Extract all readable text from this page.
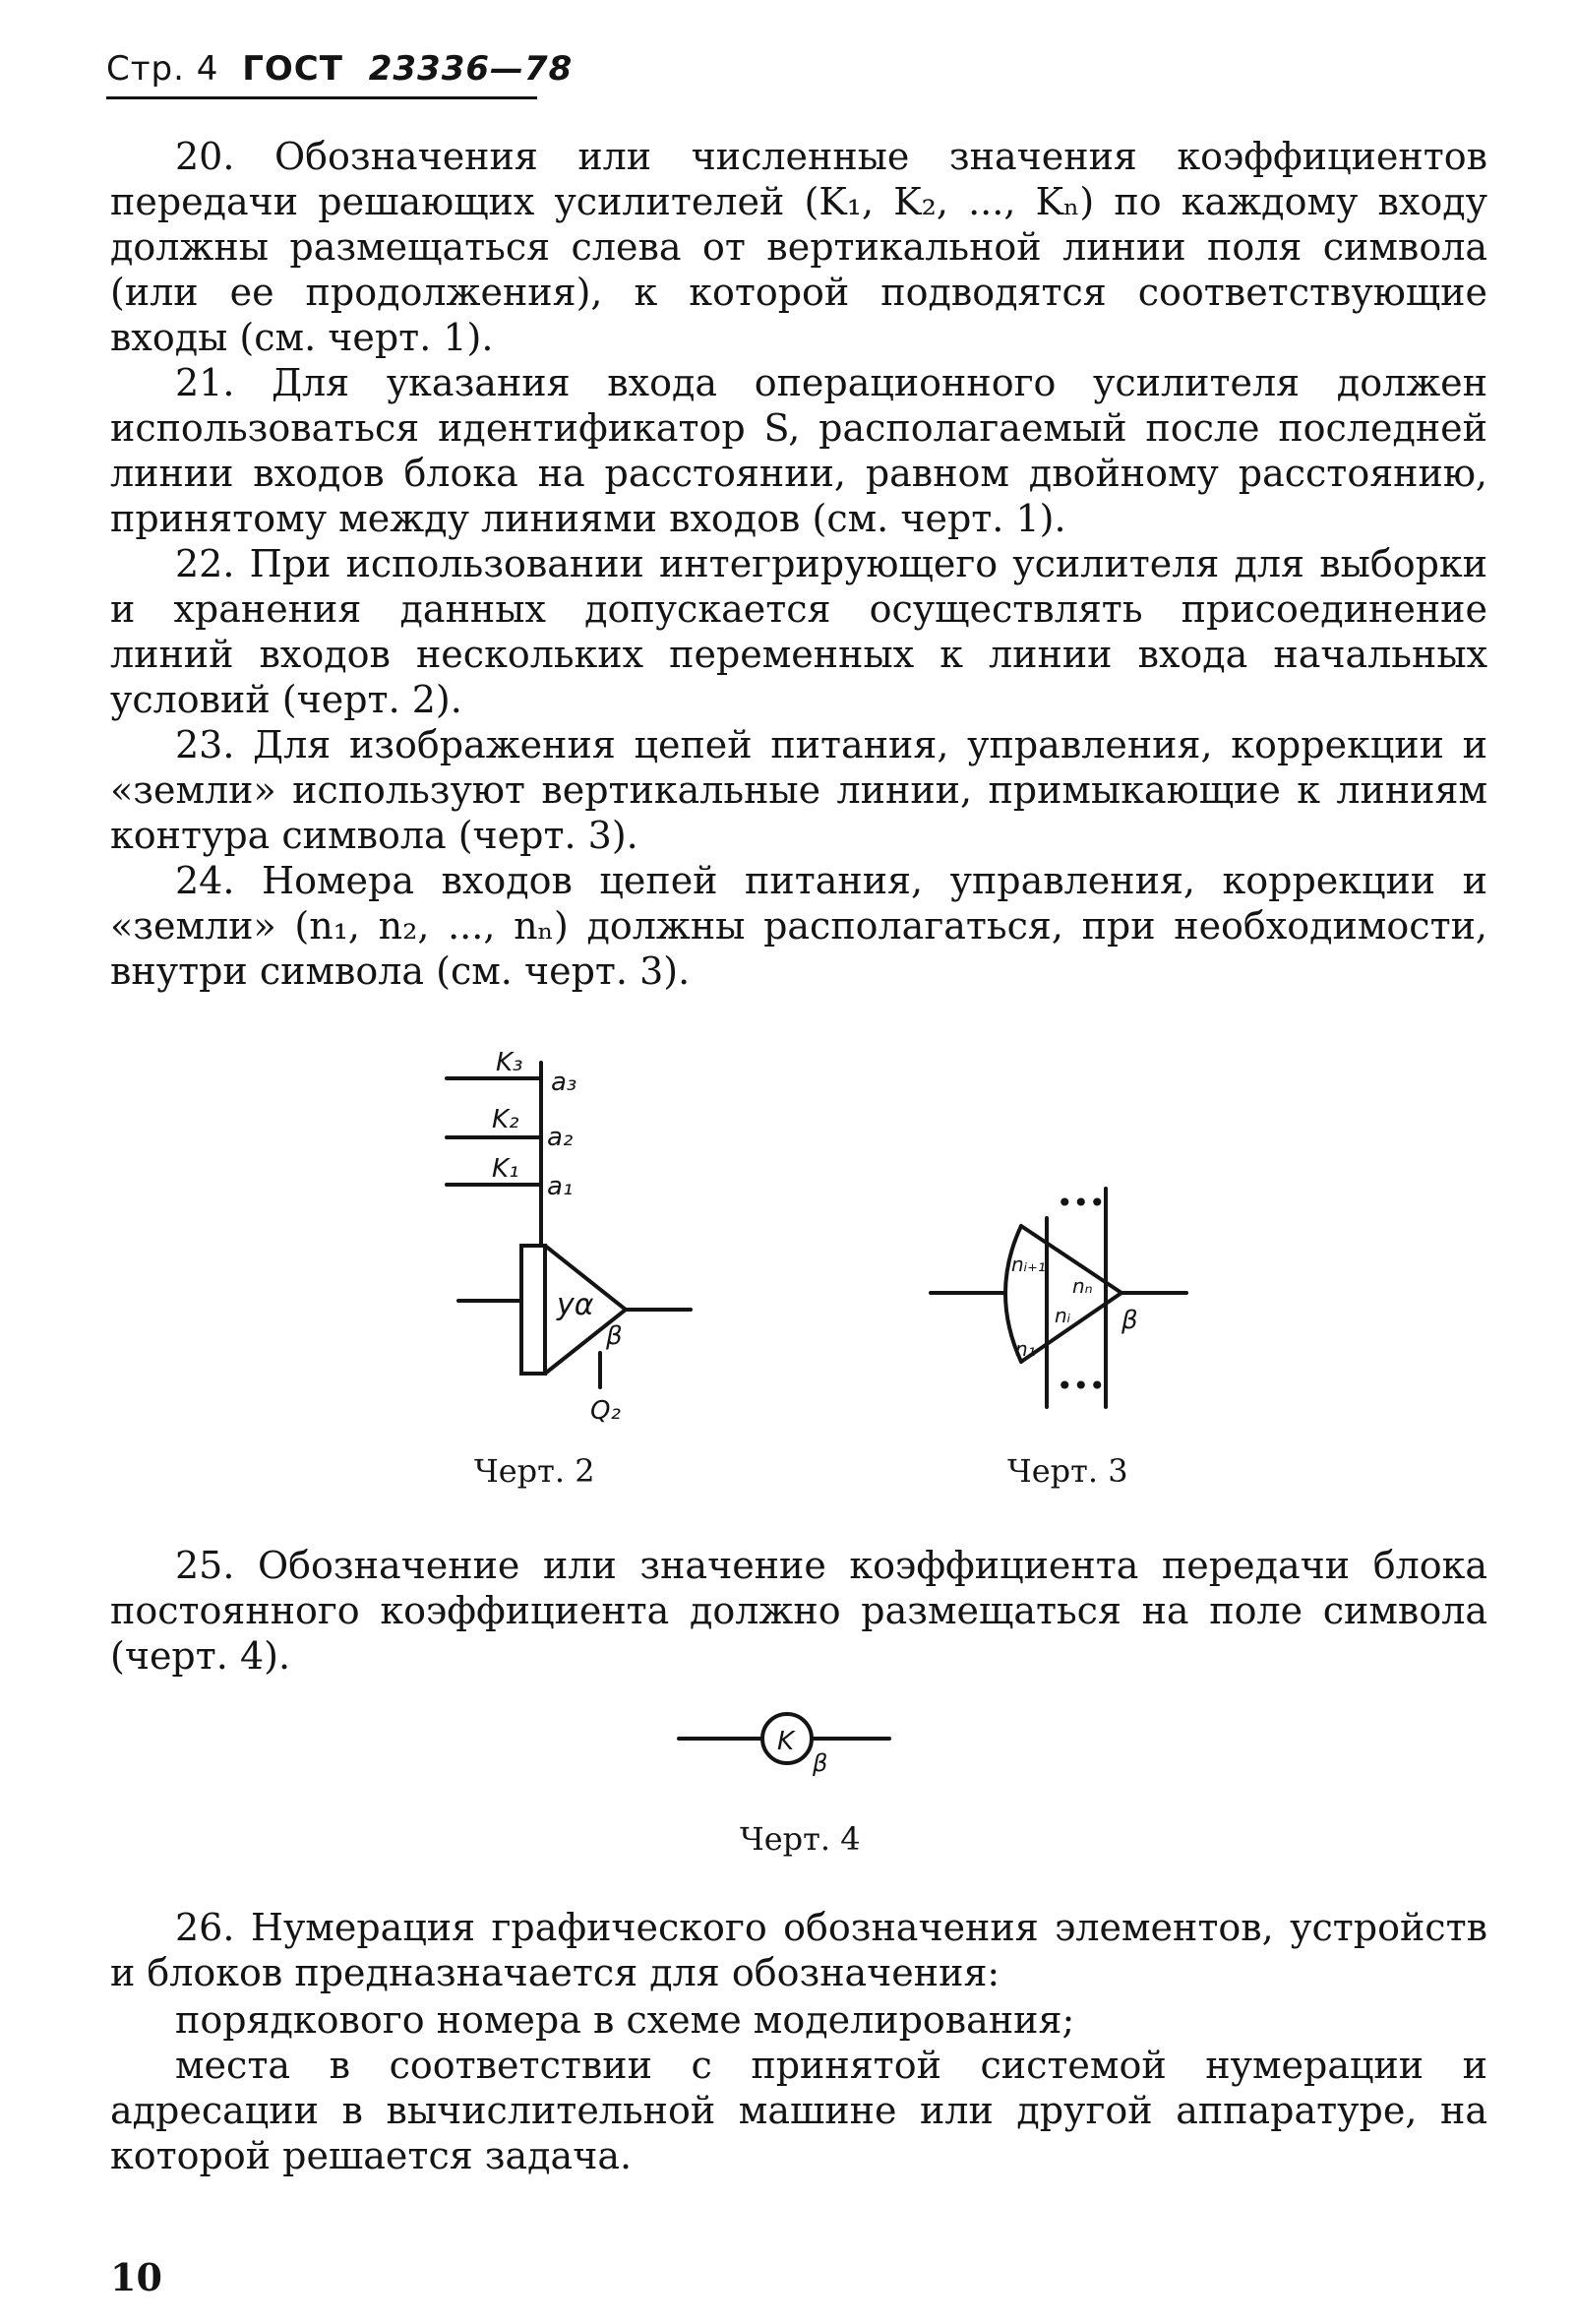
Стр. 4 ГОСТ 23336—78

20. Обозначения или численные значения коэффициентов передачи решающих усилителей (K₁, K₂, ..., Kₙ) по каждому входу должны размещаться слева от вертикальной линии поля символа (или ее продолжения), к которой подводятся соответствующие входы (см. черт. 1).

21. Для указания входа операционного усилителя должен использоваться идентификатор S, располагаемый после последней линии входов блока на расстоянии, равном двойному расстоянию, принятому между линиями входов (см. черт. 1).

22. При использовании интегрирующего усилителя для выборки и хранения данных допускается осуществлять присоединение линий входов нескольких переменных к линии входа начальных условий (черт. 2).

23. Для изображения цепей питания, управления, коррекции и «земли» используют вертикальные линии, примыкающие к линиям контура символа (черт. 3).

24. Номера входов цепей питания, управления, коррекции и «земли» (n₁, n₂, ..., nₙ) должны располагаться, при необходимости, внутри символа (см. черт. 3).

K₃
a₃
K₂
a₂
K₁
a₁
yα
β
Q₂
•••
•••
nᵢ₊₁
nₙ
nᵢ
n₁
β
K
β
Черт. 2	Черт. 3

25. Обозначение или значение коэффициента передачи блока постоянного коэффициента должно размещаться на поле символа (черт. 4).

Черт. 4

26. Нумерация графического обозначения элементов, устройств и блоков предназначается для обозначения:

порядкового номера в схеме моделирования;

места в соответствии с принятой системой нумерации и адресации в вычислительной машине или другой аппаратуре, на которой решается задача.

10
